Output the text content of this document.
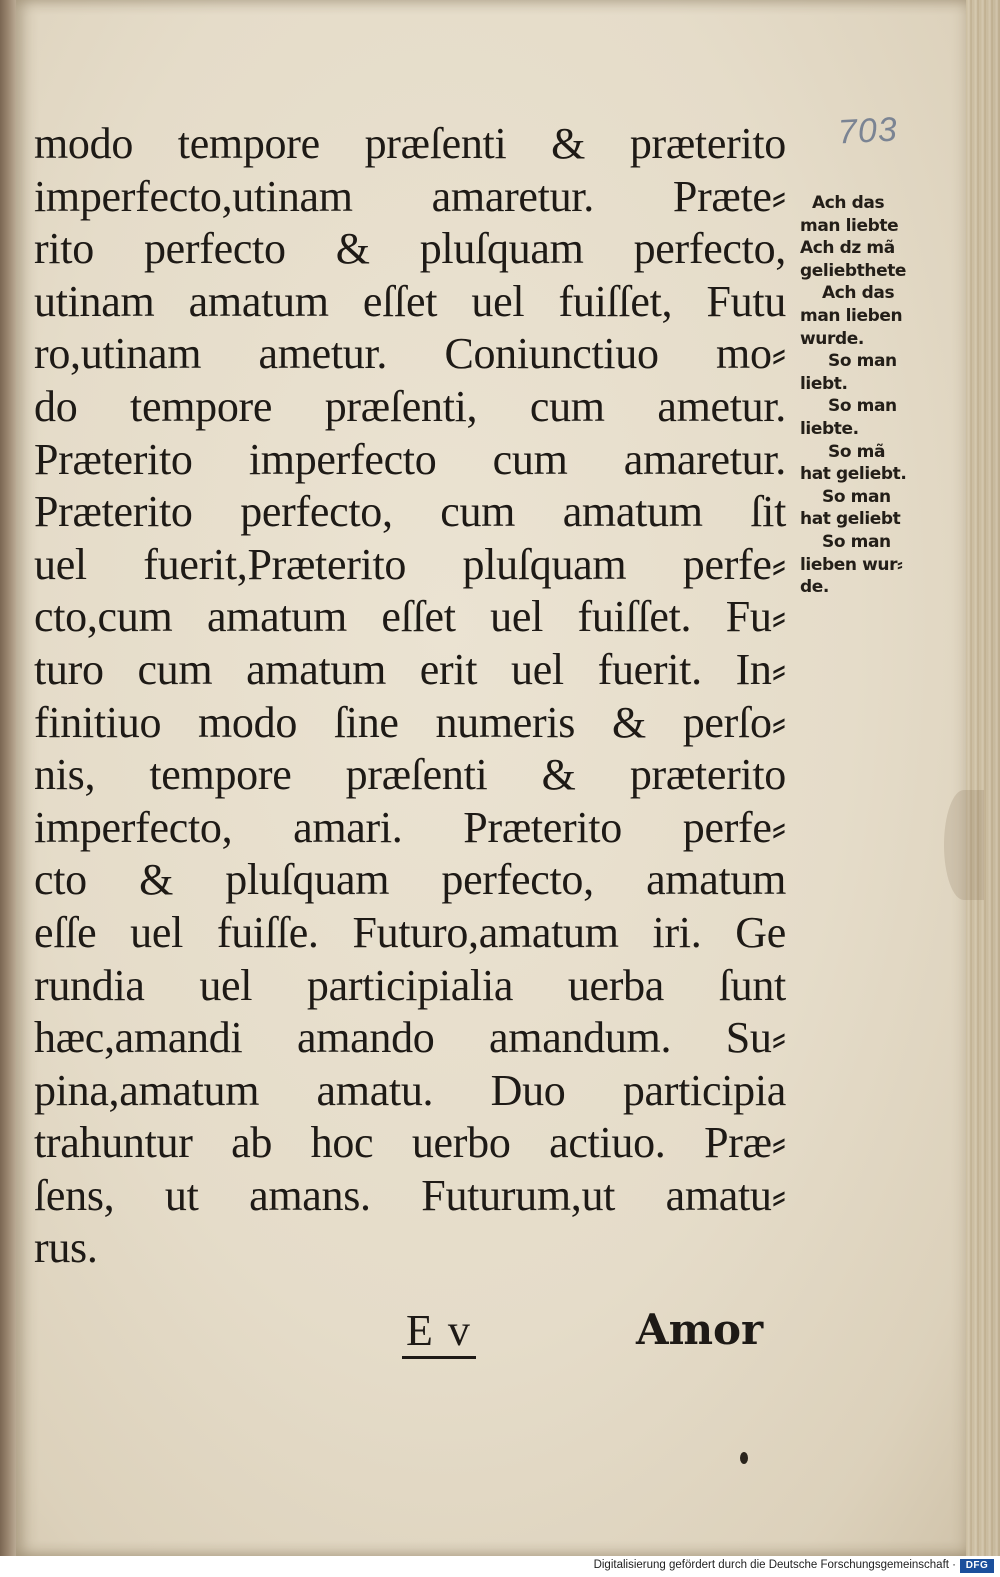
703
modo tempore præſenti & præterito
imperfecto,utinam amaretur. Præte⸗
rito perfecto & pluſquam perfecto,
utinam amatum eſſet uel fuiſſet, Futu
ro,utinam ametur. Coniunctiuo mo⸗
do tempore præſenti, cum ametur.
Præterito imperfecto cum amaretur.
Præterito perfecto, cum amatum ſit
uel fuerit,Præterito pluſquam perfe⸗
cto,cum amatum eſſet uel fuiſſet. Fu⸗
turo cum amatum erit uel fuerit. In⸗
finitiuo modo ſine numeris & perſo⸗
nis, tempore præſenti & præterito
imperfecto, amari. Præterito perfe⸗
cto & pluſquam perfecto, amatum
eſſe uel fuiſſe. Futuro,amatum iri. Ge
rundia uel participialia uerba ſunt
hæc,amandi amando amandum. Su⸗
pina,amatum amatu. Duo participia
trahuntur ab hoc uerbo actiuo. Præ⸗
ſens, ut amans. Futurum,ut amatu⸗
rus.
Ach das
man liebte
Ach dz mã
geliebthete
Ach das
man lieben
wurde.
So man
liebt.
So man
liebte.
So mã
hat geliebt.
So man
hat geliebt
So man
lieben wur⸗
de.
E v	Amor
Digitalisierung gefördert durch die Deutsche Forschungsgemeinschaft · DFG
